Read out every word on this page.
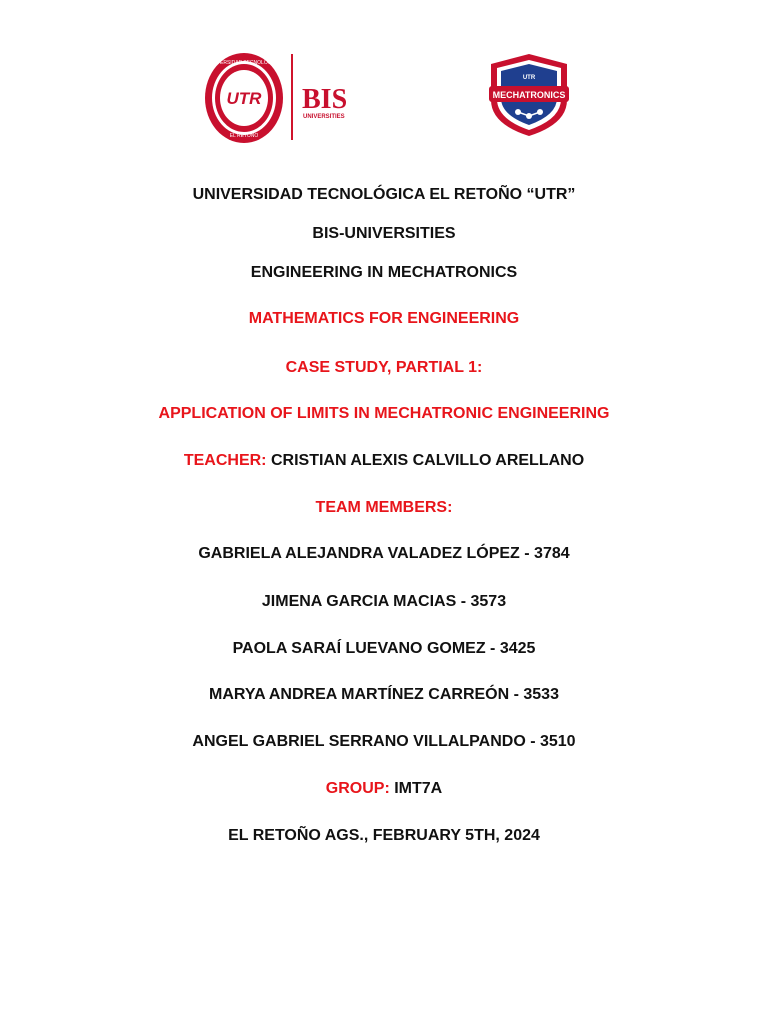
UTR
UNIVERSIDAD TECNOLÓGICA
EL RETOÑO
BIS
UNIVERSITIES
MECHATRONICS
UTR
UNIVERSIDAD TECNOLÓGICA EL RETOÑO “UTR”
BIS-UNIVERSITIES
ENGINEERING IN MECHATRONICS
MATHEMATICS FOR ENGINEERING
CASE STUDY, PARTIAL 1:
APPLICATION OF LIMITS IN MECHATRONIC ENGINEERING
TEACHER: CRISTIAN ALEXIS CALVILLO ARELLANO
TEAM MEMBERS:
GABRIELA ALEJANDRA VALADEZ LÓPEZ - 3784
JIMENA GARCIA MACIAS - 3573
PAOLA SARAÍ LUEVANO GOMEZ - 3425
MARYA ANDREA MARTÍNEZ CARREÓN - 3533
ANGEL GABRIEL SERRANO VILLALPANDO - 3510
GROUP: IMT7A
EL RETOÑO AGS., FEBRUARY 5TH, 2024
